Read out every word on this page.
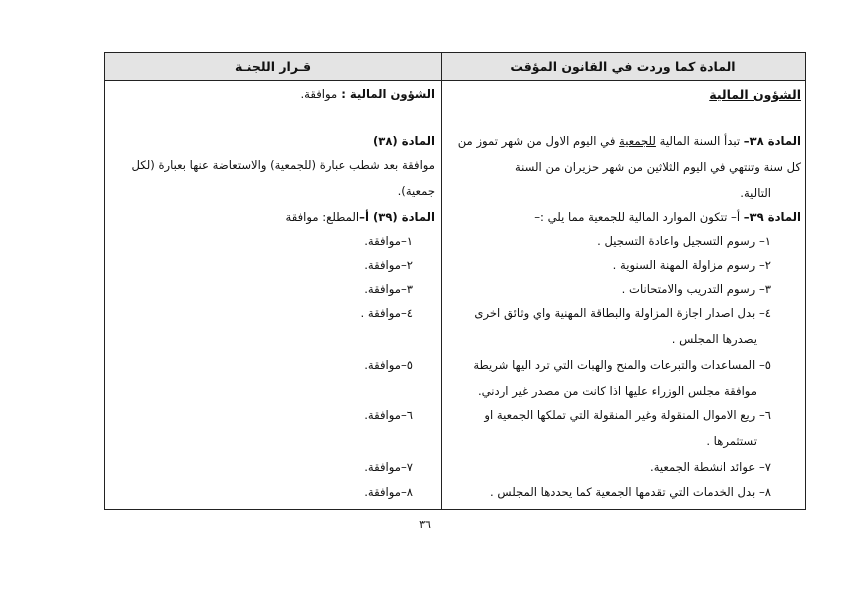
المادة كما وردت في القانون المؤقت
قـرار اللجنـة
الشؤون المالية
المادة ٣٨– تبدأ السنة المالية للجمعية في اليوم الاول من شهر تموز من
كل سنة وتنتهي في اليوم الثلاثين من شهر حزيران من السنة
التالية.
المادة ٣٩– أ– تتكون الموارد المالية للجمعية مما يلي :–
١– رسوم التسجيل واعادة التسجيل .
٢– رسوم مزاولة المهنة السنوية .
٣– رسوم التدريب والامتحانات .
٤– بدل اصدار اجازة المزاولة والبطاقة المهنية واي وثائق اخرى
يصدرها المجلس .
٥– المساعدات والتبرعات والمنح والهبات التي ترد اليها شريطة
موافقة مجلس الوزراء عليها اذا كانت من مصدر غير اردني.
٦– ريع الاموال المنقولة وغير المنقولة التي تملكها الجمعية او
تستثمرها .
٧– عوائد انشطة الجمعية.
٨– بدل الخدمات التي تقدمها الجمعية كما يحددها المجلس .
الشؤون المالية : موافقة.
المادة (٣٨)
موافقة بعد شطب عبارة (للجمعية) والاستعاضة عنها بعبارة (لكل
جمعية).
المادة (٣٩) أ–المطلع: موافقة
١–موافقة.
٢–موافقة.
٣–موافقة.
٤–موافقة .
٥–موافقة.
٦–موافقة.
٧–موافقة.
٨–موافقة.
٣٦
